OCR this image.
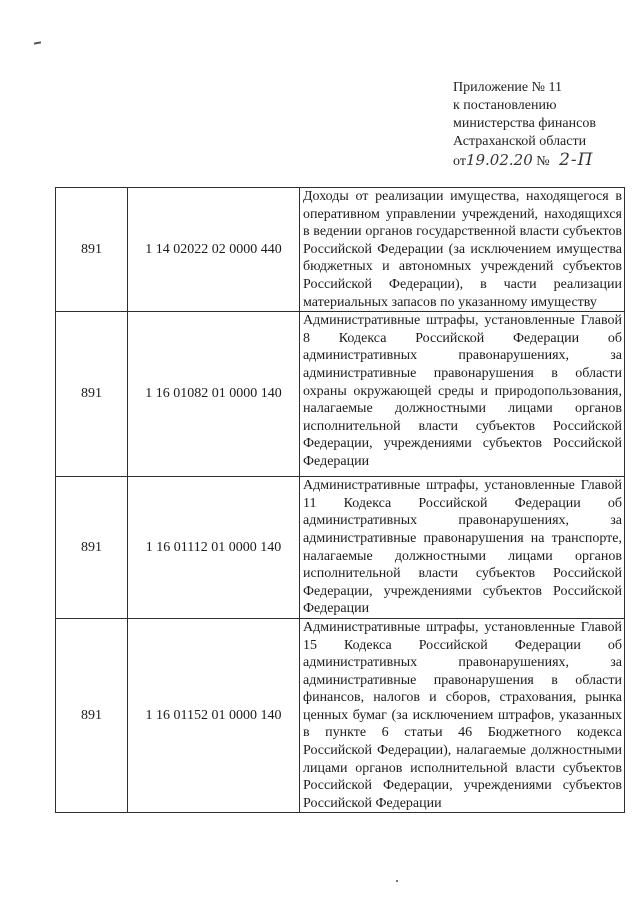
Приложение № 11
к постановлению
министерства финансов
Астраханской области
от19.02.20 № 2-П
891	1 14 02022 02 0000 440	Доходы от реализации имущества, находящегося в оперативном управлении учреждений, находящихся в ведении органов государственной власти субъектов Российской Федерации (за исключением имущества бюджетных и автономных учреждений субъектов Российской Федерации), в части реализации материальных запасов по указанному имуществу

891	1 16 01082 01 0000 140	Административные штрафы, установленные Главой 8 Кодекса Российской Федерации об административных правонарушениях, за административные правонарушения в области охраны окружающей среды и природопользования, налагаемые должностными лицами органов исполнительной власти субъектов Российской Федерации, учреждениями субъектов Российской Федерации

891	1 16 01112 01 0000 140	Административные штрафы, установленные Главой 11 Кодекса Российской Федерации об административных правонарушениях, за административные правонарушения на транспорте, налагаемые должностными лицами органов исполнительной власти субъектов Российской Федерации, учреждениями субъектов Российской Федерации

891	1 16 01152 01 0000 140	Административные штрафы, установленные Главой 15 Кодекса Российской Федерации об административных правонарушениях, за административные правонарушения в области финансов, налогов и сборов, страхования, рынка ценных бумаг (за исключением штрафов, указанных в пункте 6 статьи 46 Бюджетного кодекса Российской Федерации), налагаемые должностными лицами органов исполнительной власти субъектов Российской Федерации, учреждениями субъектов Российской Федерации
